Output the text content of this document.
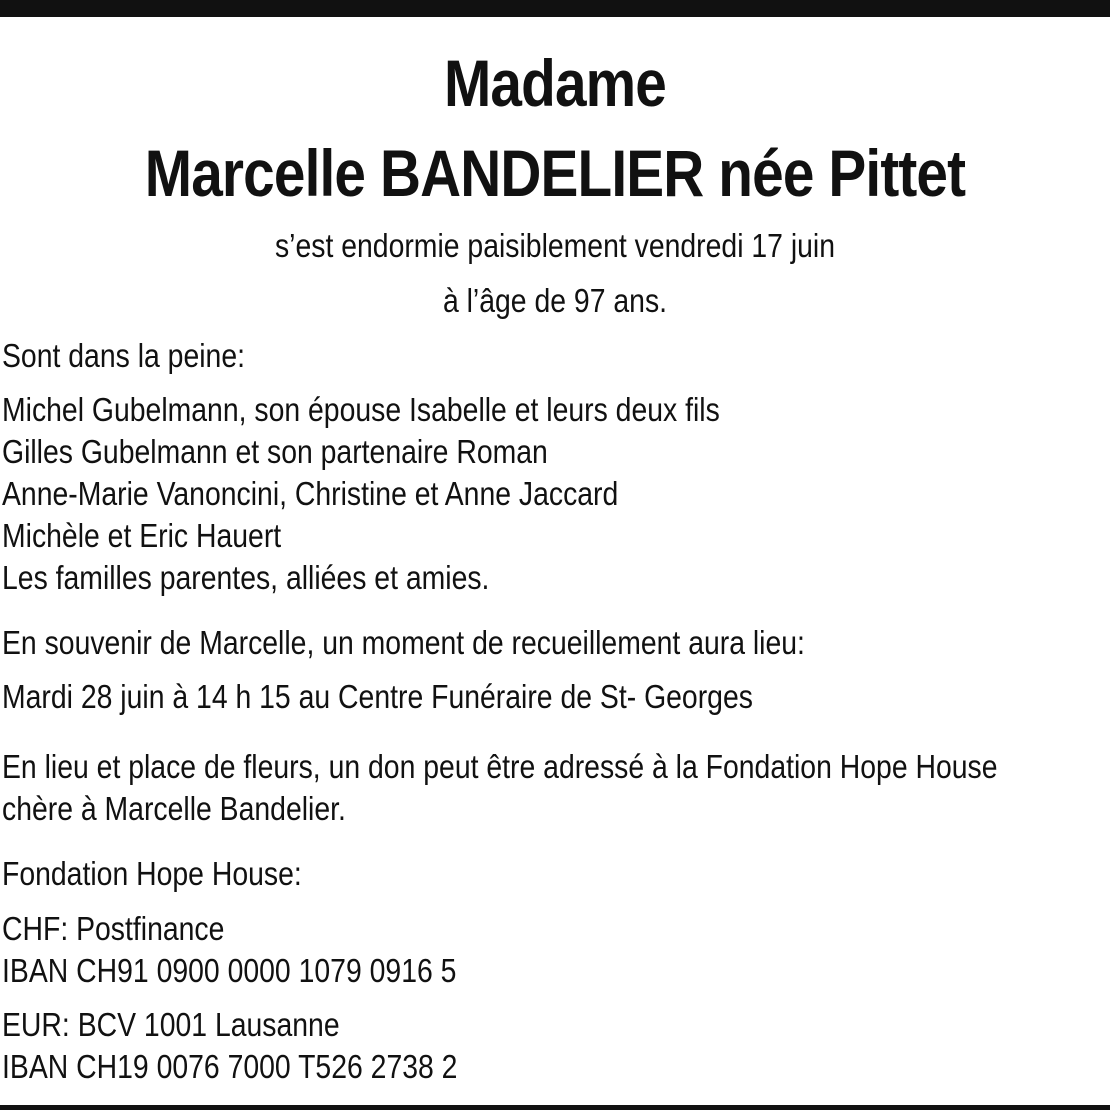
Madame
Marcelle BANDELIER née Pittet
s’est endormie paisiblement vendredi 17 juin
à l’âge de 97 ans.
Sont dans la peine:
Michel Gubelmann, son épouse Isabelle et leurs deux fils
Gilles Gubelmann et son partenaire Roman
Anne-Marie Vanoncini, Christine et Anne Jaccard
Michèle et Eric Hauert
Les familles parentes, alliées et amies.
En souvenir de Marcelle, un moment de recueillement aura lieu:
Mardi 28 juin à 14 h 15 au Centre Funéraire de St- Georges
En lieu et place de fleurs, un don peut être adressé à la Fondation Hope House
chère à Marcelle Bandelier.
Fondation Hope House:
CHF: Postfinance
IBAN CH91 0900 0000 1079 0916 5
EUR: BCV 1001 Lausanne
IBAN CH19 0076 7000 T526 2738 2
